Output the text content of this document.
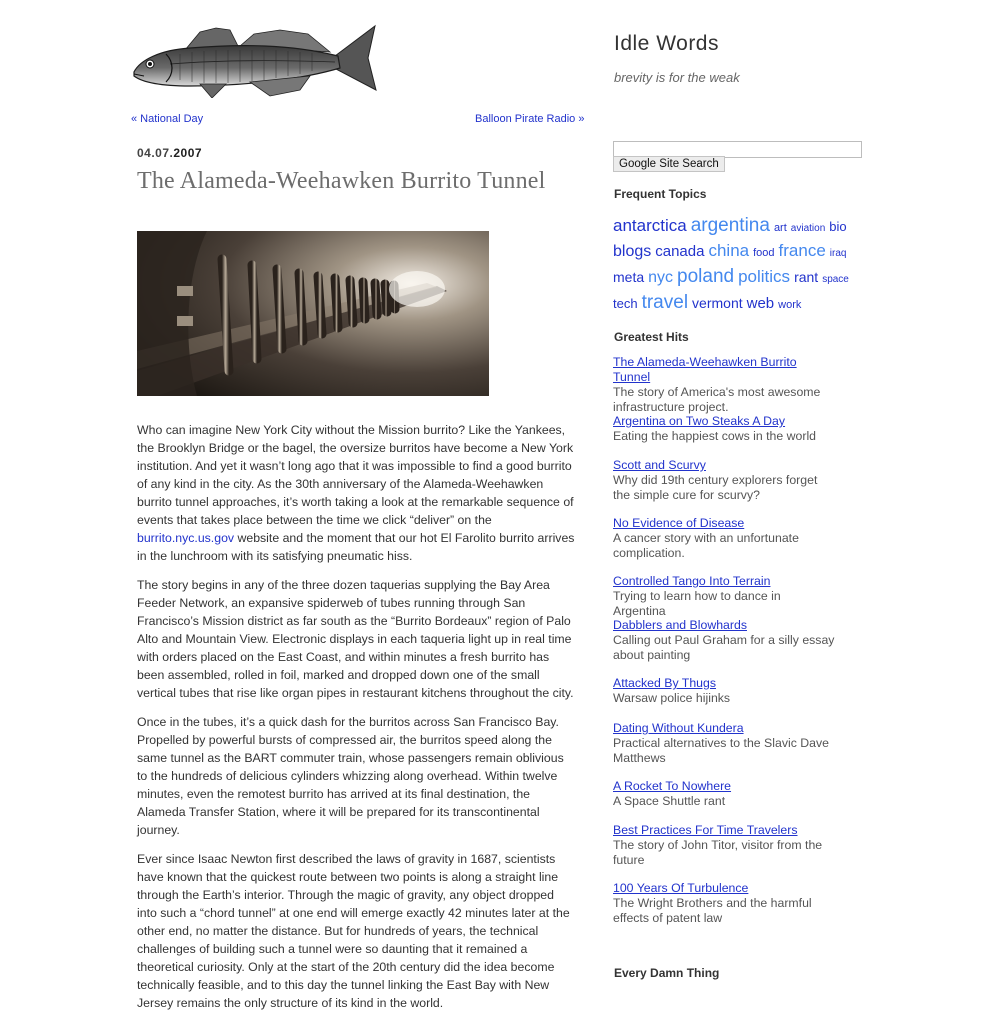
« National Day	Balloon Pirate Radio »
04.07.2007
The Alameda-Weehawken Burrito Tunnel

Who can imagine New York City without the Mission burrito? Like the Yankees, the Brooklyn Bridge or the bagel, the oversize burritos have become a New York institution. And yet it wasn’t long ago that it was impossible to find a good burrito of any kind in the city. As the 30th anniversary of the Alameda-Weehawken burrito tunnel approaches, it’s worth taking a look at the remarkable sequence of events that takes place between the time we click “deliver” on the burrito.nyc.us.gov website and the moment that our hot El Farolito burrito arrives in the lunchroom with its satisfying pneumatic hiss.

The story begins in any of the three dozen taquerias supplying the Bay Area Feeder Network, an expansive spiderweb of tubes running through San Francisco’s Mission district as far south as the “Burrito Bordeaux” region of Palo Alto and Mountain View. Electronic displays in each taqueria light up in real time with orders placed on the East Coast, and within minutes a fresh burrito has been assembled, rolled in foil, marked and dropped down one of the small vertical tubes that rise like organ pipes in restaurant kitchens throughout the city.

Once in the tubes, it’s a quick dash for the burritos across San Francisco Bay. Propelled by powerful bursts of compressed air, the burritos speed along the same tunnel as the BART commuter train, whose passengers remain oblivious to the hundreds of delicious cylinders whizzing along overhead. Within twelve minutes, even the remotest burrito has arrived at its final destination, the Alameda Transfer Station, where it will be prepared for its transcontinental journey.

Ever since Isaac Newton first described the laws of gravity in 1687, scientists have known that the quickest route between two points is along a straight line through the Earth’s interior. Through the magic of gravity, any object dropped into such a “chord tunnel” at one end will emerge exactly 42 minutes later at the other end, no matter the distance. But for hundreds of years, the technical challenges of building such a tunnel were so daunting that it remained a theoretical curiosity. Only at the start of the 20th century did the idea become technically feasible, and to this day the tunnel linking the East Bay with New Jersey remains the only structure of its kind in the world.

Idle Words
brevity is for the weak
Google Site Search
Frequent Topics
antarctica argentina art aviation bio
blogs canada china food france iraq
meta nyc poland politics rant space
tech travel vermont web work
Greatest Hits
The Alameda-Weehawken Burrito Tunnel
The story of America's most awesome infrastructure project.
Argentina on Two Steaks A Day
Eating the happiest cows in the world
Scott and Scurvy
Why did 19th century explorers forget the simple cure for scurvy?
No Evidence of Disease
A cancer story with an unfortunate complication.
Controlled Tango Into Terrain
Trying to learn how to dance in Argentina
Dabblers and Blowhards
Calling out Paul Graham for a silly essay about painting
Attacked By Thugs
Warsaw police hijinks
Dating Without Kundera
Practical alternatives to the Slavic Dave Matthews
A Rocket To Nowhere
A Space Shuttle rant
Best Practices For Time Travelers
The story of John Titor, visitor from the future
100 Years Of Turbulence
The Wright Brothers and the harmful effects of patent law
Every Damn Thing
